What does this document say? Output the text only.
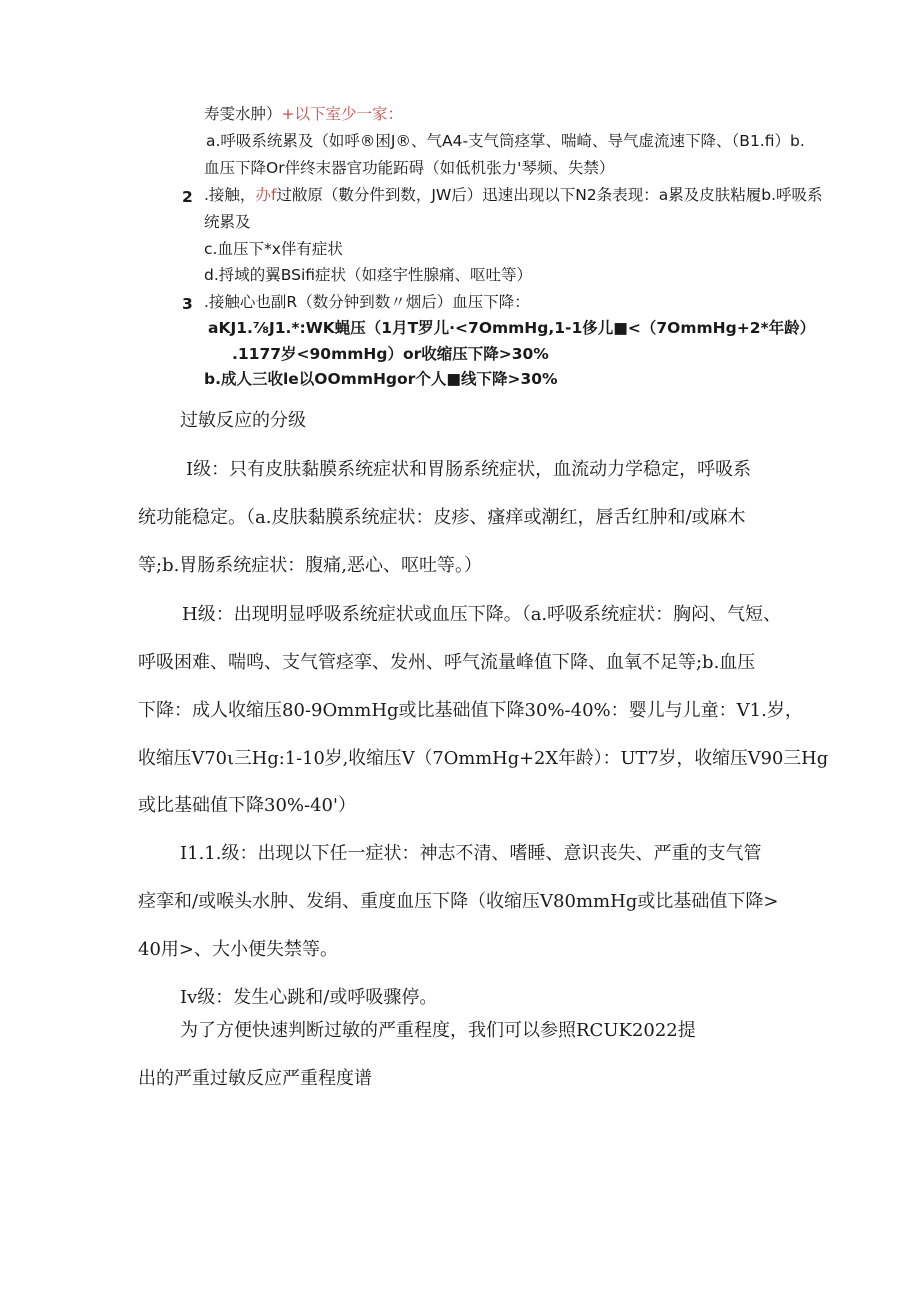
寿雯水肿）+以下室少一家：
a.呼吸系统累及（如呼®困J®、气A4-支气筒痉掌、喘崎、导气虚流速下降、（B1.fi）b.
血压下降Or伴终末器官功能跖碍（如低机张力'琴频、失禁）
2 .接触，办f过敝原（數分件到数，JW后）迅速出现以下N2条表现：a累及皮肤粘履b.呼吸系
统累及
c.血压下*x伴有症状
d.捋域的翼BSifi症状（如痉宇性腺痛、呕吐等）
3 .接触心也副R（数分钟到数〃烟后）血压下降：
aKJ1.⅞J1.*:WK蝇压（1月T罗儿·<7OmmHg,1-1侈儿■<（7OmmHg+2*年龄）
.1177岁<90mmHg）or收缩压下降>30%
b.成人三收le以OOmmHgor个人■线下降>30%
过敏反应的分级
I级：只有皮肤黏膜系统症状和胃肠系统症状，血流动力学稳定，呼吸系
统功能稳定。（a.皮肤黏膜系统症状：皮疹、瘙痒或潮红，唇舌红肿和/或麻木
等;b.胃肠系统症状：腹痛,恶心、呕吐等。）
H级：出现明显呼吸系统症状或血压下降。（a.呼吸系统症状：胸闷、气短、
呼吸困难、喘鸣、支气管痉挛、发州、呼气流量峰值下降、血氧不足等;b.血压
下降：成人收缩压80-9OmmHg或比基础值下降30%-40%：婴儿与儿童：V1.岁，
收缩压V70ι三Hg:1-10岁,收缩压V（7OmmHg+2X年龄）：UT7岁，收缩压V90三Hg
或比基础值下降30%-40'）
I1.1.级：出现以下任一症状：神志不清、嗜睡、意识丧失、严重的支气管
痉挛和/或喉头水肿、发绢、重度血压下降（收缩压V80mmHg或比基础值下降>
40用>、大小便失禁等。
Iv级：发生心跳和/或呼吸骤停。
为了方便快速判断过敏的严重程度，我们可以参照RCUK2022提
出的严重过敏反应严重程度谱
